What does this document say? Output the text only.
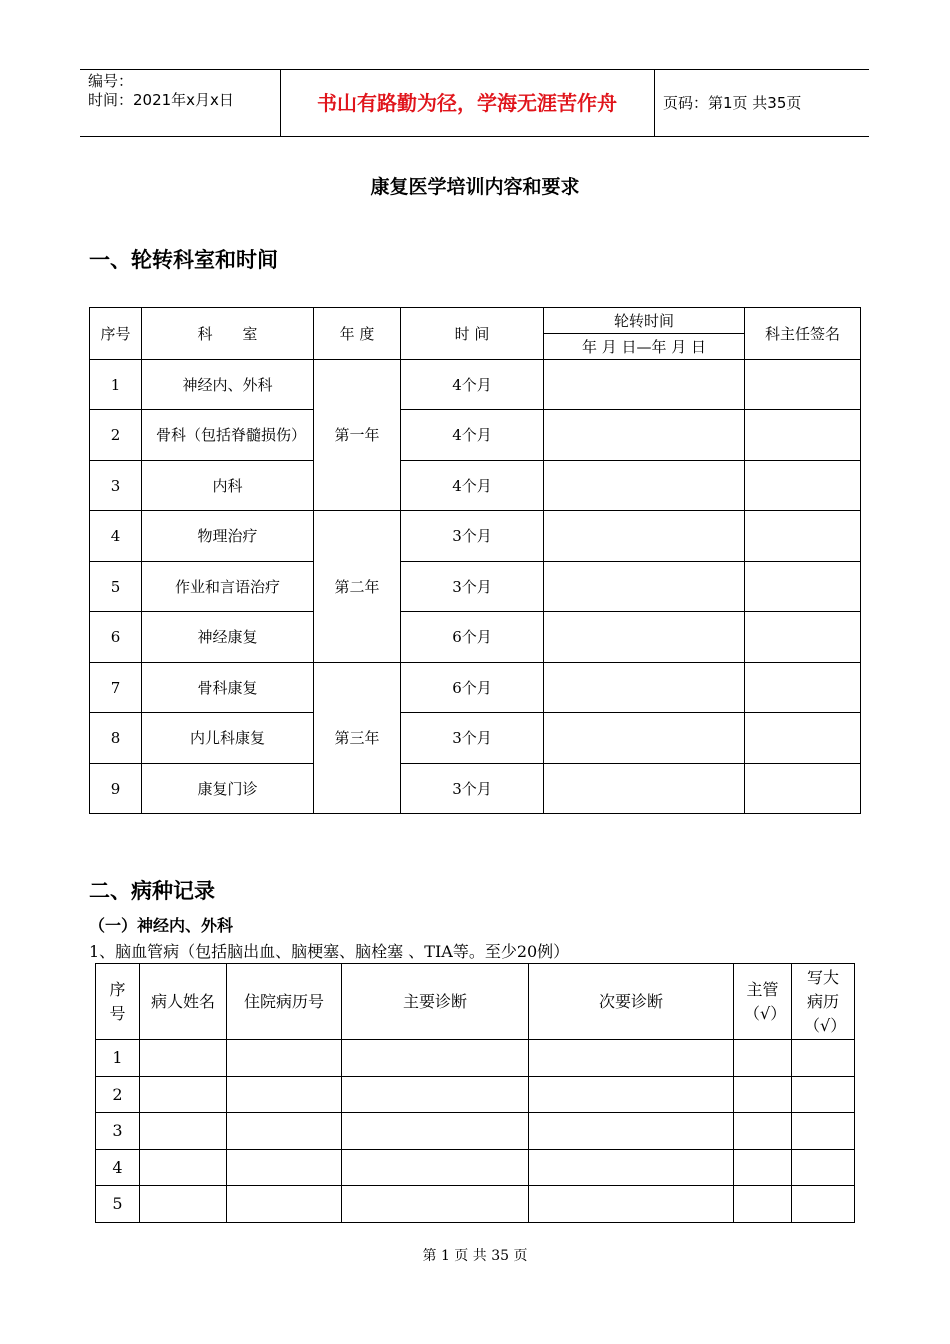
编号：
时间：2021年x月x日	书山有路勤为径，学海无涯苦作舟	页码：第1页 共35页
康复医学培训内容和要求
一、轮转科室和时间
序号	科　　室	年 度	时 间	轮转时间	科主任签名
				年 月 日—年 月 日	
1	神经内、外科	第一年	4个月		
2	骨科（包括脊髓损伤）		4个月		
3	内科		4个月		
4	物理治疗	第二年	3个月		
5	作业和言语治疗		3个月		
6	神经康复		6个月		
7	骨科康复	第三年	6个月		
8	内儿科康复		3个月		
9	康复门诊		3个月		
二、病种记录
（一）神经内、外科
1、脑血管病（包括脑出血、脑梗塞、脑栓塞 、TIA等。至少20例）
序号	病人姓名	住院病历号	主要诊断	次要诊断	主管（√）	写大病历（√）
1						
2						
3						
4						
5						
第 1 页 共 35 页
